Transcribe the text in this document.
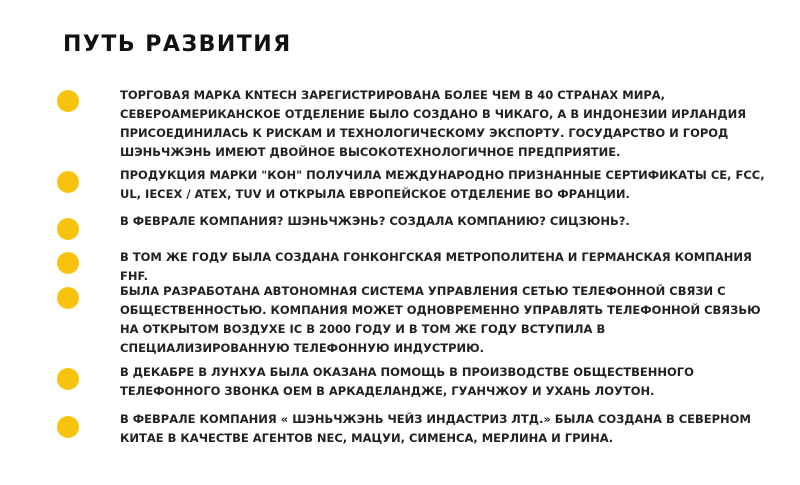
ПУТЬ РАЗВИТИЯ

ТОРГОВАЯ МАРКА KNTECH ЗАРЕГИСТРИРОВАНА БОЛЕЕ ЧЕМ В 40 СТРАНАХ МИРА, СЕВЕРОАМЕРИКАНСКОЕ ОТДЕЛЕНИЕ БЫЛО СОЗДАНО В ЧИКАГО, А В ИНДОНЕЗИИ ИРЛАНДИЯ ПРИСОЕДИНИЛАСЬ К РИСКАМ И ТЕХНОЛОГИЧЕСКОМУ ЭКСПОРТУ. ГОСУДАРСТВО И ГОРОД ШЭНЬЧЖЭНЬ ИМЕЮТ ДВОЙНОЕ ВЫСОКОТЕХНОЛОГИЧНОЕ ПРЕДПРИЯТИЕ.

ПРОДУКЦИЯ МАРКИ "КОН" ПОЛУЧИЛА МЕЖДУНАРОДНО ПРИЗНАННЫЕ СЕРТИФИКАТЫ CE, FCC, UL, IECEX / ATEX, TUV И ОТКРЫЛА ЕВРОПЕЙСКОЕ ОТДЕЛЕНИЕ ВО ФРАНЦИИ.

В ФЕВРАЛЕ КОМПАНИЯ? ШЭНЬЧЖЭНЬ? СОЗДАЛА КОМПАНИЮ? СИЦЗЮНЬ?.

В ТОМ ЖЕ ГОДУ БЫЛА СОЗДАНА ГОНКОНГСКАЯ МЕТРОПОЛИТЕНА И ГЕРМАНСКАЯ КОМПАНИЯ FHF.

БЫЛА РАЗРАБОТАНА АВТОНОМНАЯ СИСТЕМА УПРАВЛЕНИЯ СЕТЬЮ ТЕЛЕФОННОЙ СВЯЗИ С ОБЩЕСТВЕННОСТЬЮ. КОМПАНИЯ МОЖЕТ ОДНОВРЕМЕННО УПРАВЛЯТЬ ТЕЛЕФОННОЙ СВЯЗЬЮ НА ОТКРЫТОМ ВОЗДУХЕ IC В 2000 ГОДУ И В ТОМ ЖЕ ГОДУ ВСТУПИЛА В СПЕЦИАЛИЗИРОВАННУЮ ТЕЛЕФОННУЮ ИНДУСТРИЮ.

В ДЕКАБРЕ В ЛУНХУА БЫЛА ОКАЗАНА ПОМОЩЬ В ПРОИЗВОДСТВЕ ОБЩЕСТВЕННОГО ТЕЛЕФОННОГО ЗВОНКА OEM В АРКАДЕЛАНДЖЕ, ГУАНЧЖОУ И УХАНЬ ЛОУТОН.

В ФЕВРАЛЕ КОМПАНИЯ « ШЭНЬЧЖЭНЬ ЧЕЙЗ ИНДАСТРИЗ ЛТД.» БЫЛА СОЗДАНА В СЕВЕРНОМ КИТАЕ В КАЧЕСТВЕ АГЕНТОВ NEC, МАЦУИ, СИМЕНСА, МЕРЛИНА И ГРИНА.
